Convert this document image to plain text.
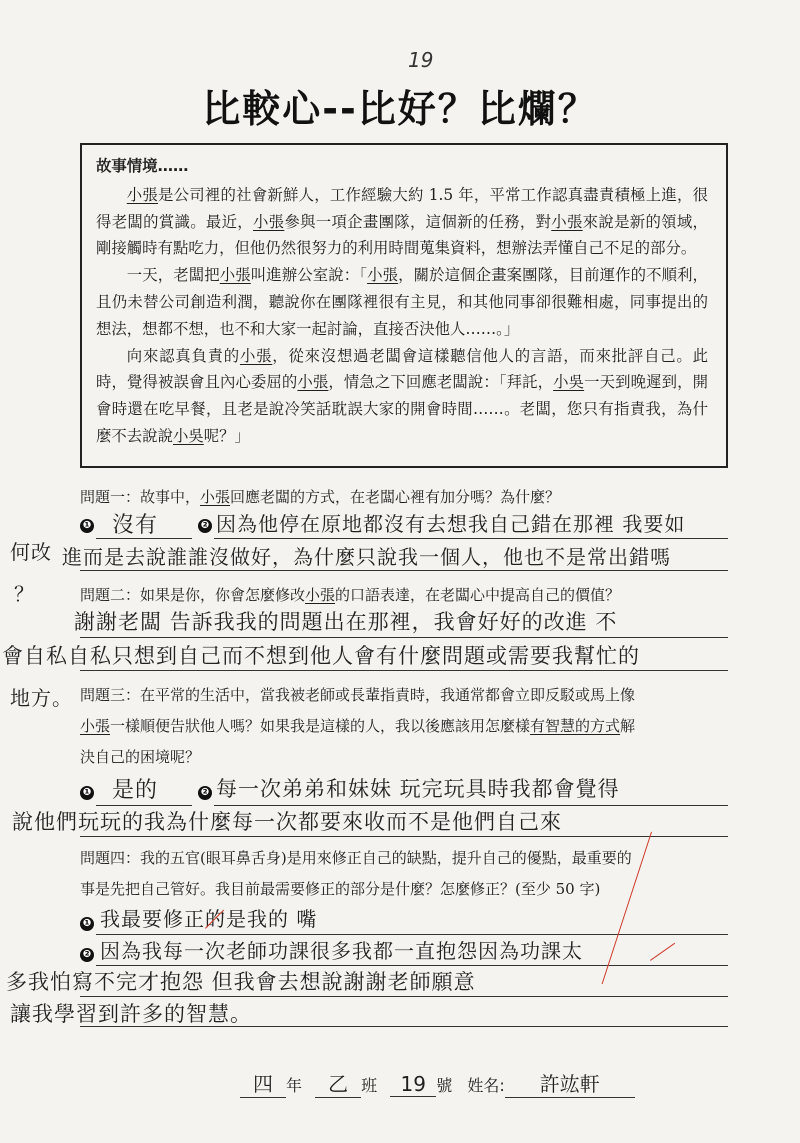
19
比較心--比好？比爛？
故事情境……

小張是公司裡的社會新鮮人，工作經驗大約 1.5 年，平常工作認真盡責積極上進，很得老闆的賞識。最近，小張參與一項企畫團隊，這個新的任務，對小張來說是新的領域，剛接觸時有點吃力，但他仍然很努力的利用時間蒐集資料，想辦法弄懂自己不足的部分。

一天，老闆把小張叫進辦公室說：「小張，關於這個企畫案團隊，目前運作的不順利，且仍未替公司創造利潤，聽說你在團隊裡很有主見，和其他同事卻很難相處，同事提出的想法，想都不想，也不和大家一起討論，直接否決他人……。」

向來認真負責的小張，從來沒想過老闆會這樣聽信他人的言語，而來批評自己。此時，覺得被誤會且內心委屈的小張，情急之下回應老闆說：「拜託，小吳一天到晚遲到，開會時還在吃早餐，且老是說冷笑話耽誤大家的開會時間……。老闆，您只有指責我，為什麼不去說說小吳呢？」

問題一：故事中，小張回應老闆的方式，在老闆心裡有加分嗎？為什麼？
❶	❷
沒有	因為他停在原地都沒有去想我自己錯在那裡 我要如
何改 進而是去說誰誰沒做好，為什麼只說我一個人，他也不是常出錯嗎
？	問題二：如果是你，你會怎麼修改小張的口語表達，在老闆心中提高自己的價值？
謝謝老闆 告訴我我的問題出在那裡，我會好好的改進 不
會自私自私只想到自己而不想到他人會有什麼問題或需要我幫忙的
地方。 問題三：在平常的生活中，當我被老師或長輩指責時，我通常都會立即反駁或馬上像
小張一樣順便告狀他人嗎？如果我是這樣的人，我以後應該用怎麼樣有智慧的方式解
決自己的困境呢？
❶	❷
是的	每一次弟弟和妹妹 玩完玩具時我都會覺得
說他們玩玩的我為什麼每一次都要來收而不是他們自己來
問題四：我的五官(眼耳鼻舌身)是用來修正自己的缺點，提升自己的優點，最重要的
事是先把自己管好。我目前最需要修正的部分是什麼？怎麼修正？(至少 50 字)
❶
❷
我最要修正的是我的 嘴
因為我每一次老師功課很多我都一直抱怨因為功課太
多我怕寫不完才抱怨 但我會去想說謝謝老師願意
讓我學習到許多的智慧。
四 年 乙 班 19 號 姓名: 許竑軒
